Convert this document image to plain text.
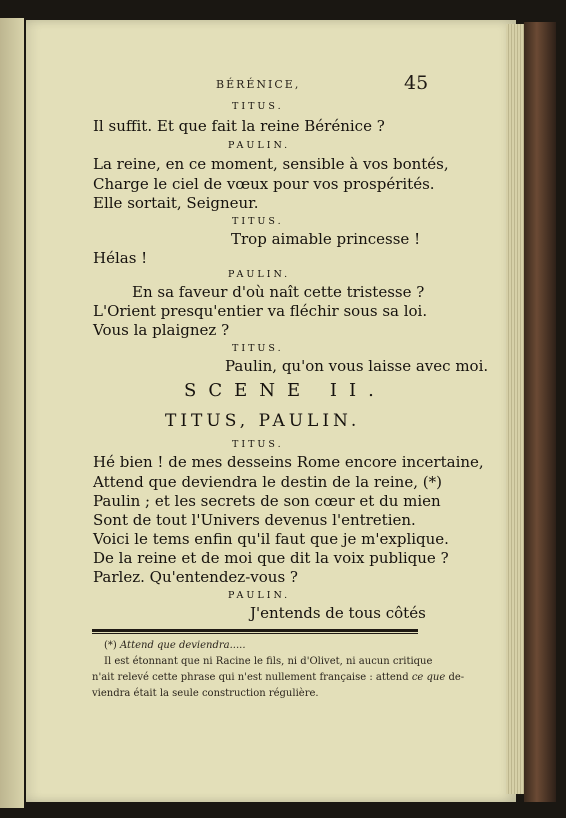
BÉRÉNICE,	45
TITUS.
Il suffit. Et que fait la reine Bérénice ?
PAULIN.
La reine, en ce moment, sensible à vos bontés,
Charge le ciel de vœux pour vos prospérités.
Elle sortait, Seigneur.
TITUS.
Trop aimable princesse !
Hélas !
PAULIN.
En sa faveur d'où naît cette tristesse ?
L'Orient presqu'entier va fléchir sous sa loi.
Vous la plaignez ?
TITUS.
Paulin, qu'on vous laisse avec moi.
SCENE II.
TITUS, PAULIN.
TITUS.
Hé bien ! de mes desseins Rome encore incertaine,
Attend que deviendra le destin de la reine, (*)
Paulin ; et les secrets de son cœur et du mien
Sont de tout l'Univers devenus l'entretien.
Voici le tems enfin qu'il faut que je m'explique.
De la reine et de moi que dit la voix publique ?
Parlez. Qu'entendez-vous ?
PAULIN.
J'entends de tous côtés
(*) Attend que deviendra.....
Il est étonnant que ni Racine le fils, ni d'Olivet, ni aucun critique
n'ait relevé cette phrase qui n'est nullement française : attend ce que de-
viendra était la seule construction régulière.
